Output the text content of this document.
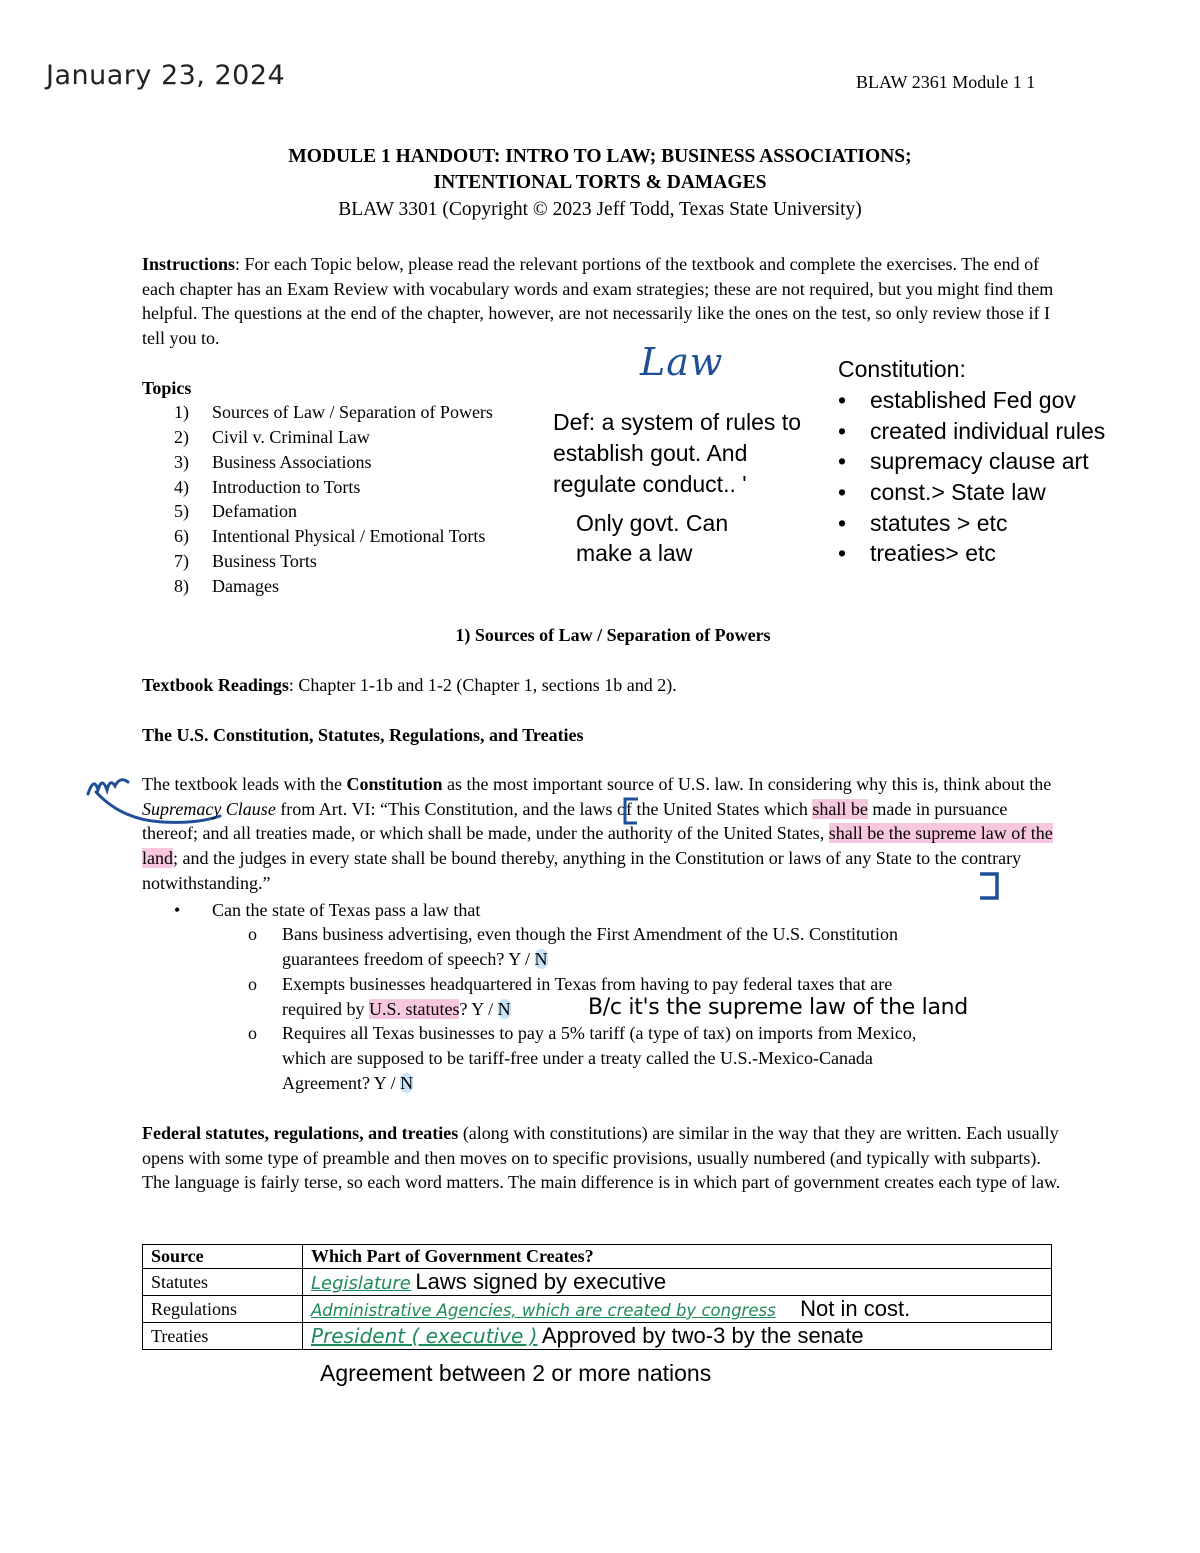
January 23, 2024	BLAW 2361 Module 1 1
MODULE 1 HANDOUT: INTRO TO LAW; BUSINESS ASSOCIATIONS;
INTENTIONAL TORTS & DAMAGES
BLAW 3301 (Copyright © 2023 Jeff Todd, Texas State University)
Instructions: For each Topic below, please read the relevant portions of the textbook and complete the exercises. The end of each chapter has an Exam Review with vocabulary words and exam strategies; these are not required, but you might find them helpful. The questions at the end of the chapter, however, are not necessarily like the ones on the test, so only review those if I tell you to.
Topics
1) Sources of Law / Separation of Powers
2) Civil v. Criminal Law
3) Business Associations
4) Introduction to Torts
5) Defamation
6) Intentional Physical / Emotional Torts
7) Business Torts
8) Damages
Law
Def: a system of rules to
establish gout. And
regulate conduct.. '
Only govt. Can
make a law
Constitution:
• established Fed gov
• created individual rules
• supremacy clause art
• const.> State law
• statutes > etc
• treaties> etc
1) Sources of Law / Separation of Powers
Textbook Readings: Chapter 1-1b and 1-2 (Chapter 1, sections 1b and 2).
The U.S. Constitution, Statutes, Regulations, and Treaties
The textbook leads with the Constitution as the most important source of U.S. law. In considering why this is, think about the Supremacy Clause from Art. VI: “This Constitution, and the laws of the United States which shall be made in pursuance thereof; and all treaties made, or which shall be made, under the authority of the United States, shall be the supreme law of the land; and the judges in every state shall be bound thereby, anything in the Constitution or laws of any State to the contrary notwithstanding.”
• Can the state of Texas pass a law that
o Bans business advertising, even though the First Amendment of the U.S. Constitution
guarantees freedom of speech? Y / N
o Exempts businesses headquartered in Texas from having to pay federal taxes that are
required by U.S. statutes? Y / N	B/c it's the supreme law of the land
o Requires all Texas businesses to pay a 5% tariff (a type of tax) on imports from Mexico,
which are supposed to be tariff-free under a treaty called the U.S.-Mexico-Canada
Agreement? Y / N
Federal statutes, regulations, and treaties (along with constitutions) are similar in the way that they are written. Each usually opens with some type of preamble and then moves on to specific provisions, usually numbered (and typically with subparts). The language is fairly terse, so each word matters. The main difference is in which part of government creates each type of law.
Source	Which Part of Government Creates?
Statutes	Legislature Laws signed by executive
Regulations	Administrative Agencies, which are created by congress Not in cost.
Treaties	President ( executive ) Approved by two-3 by the senate
Agreement between 2 or more nations
